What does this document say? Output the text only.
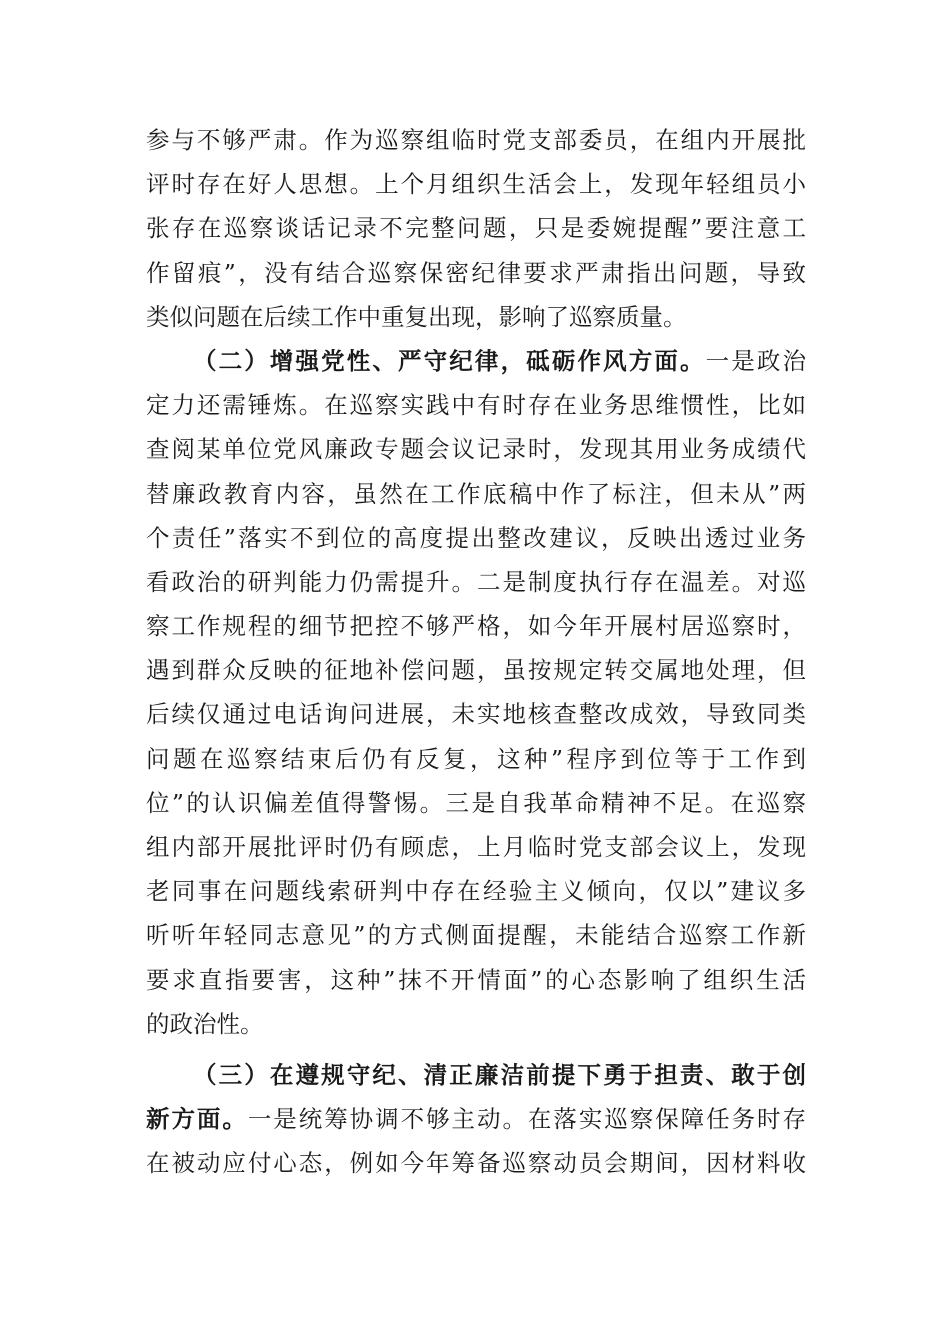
参与不够严肃。作为巡察组临时党支部委员，在组内开展批
评时存在好人思想。上个月组织生活会上，发现年轻组员小
张存在巡察谈话记录不完整问题，只是委婉提醒”要注意工
作留痕”，没有结合巡察保密纪律要求严肃指出问题，导致
类似问题在后续工作中重复出现，影响了巡察质量。
（二）增强党性、严守纪律，砥砺作风方面。一是政治
定力还需锤炼。在巡察实践中有时存在业务思维惯性，比如
查阅某单位党风廉政专题会议记录时，发现其用业务成绩代
替廉政教育内容，虽然在工作底稿中作了标注，但未从”两
个责任”落实不到位的高度提出整改建议，反映出透过业务
看政治的研判能力仍需提升。二是制度执行存在温差。对巡
察工作规程的细节把控不够严格，如今年开展村居巡察时，
遇到群众反映的征地补偿问题，虽按规定转交属地处理，但
后续仅通过电话询问进展，未实地核查整改成效，导致同类
问题在巡察结束后仍有反复，这种”程序到位等于工作到
位”的认识偏差值得警惕。三是自我革命精神不足。在巡察
组内部开展批评时仍有顾虑，上月临时党支部会议上，发现
老同事在问题线索研判中存在经验主义倾向，仅以”建议多
听听年轻同志意见”的方式侧面提醒，未能结合巡察工作新
要求直指要害，这种”抹不开情面”的心态影响了组织生活
的政治性。
（三）在遵规守纪、清正廉洁前提下勇于担责、敢于创
新方面。一是统筹协调不够主动。在落实巡察保障任务时存
在被动应付心态，例如今年筹备巡察动员会期间，因材料收
